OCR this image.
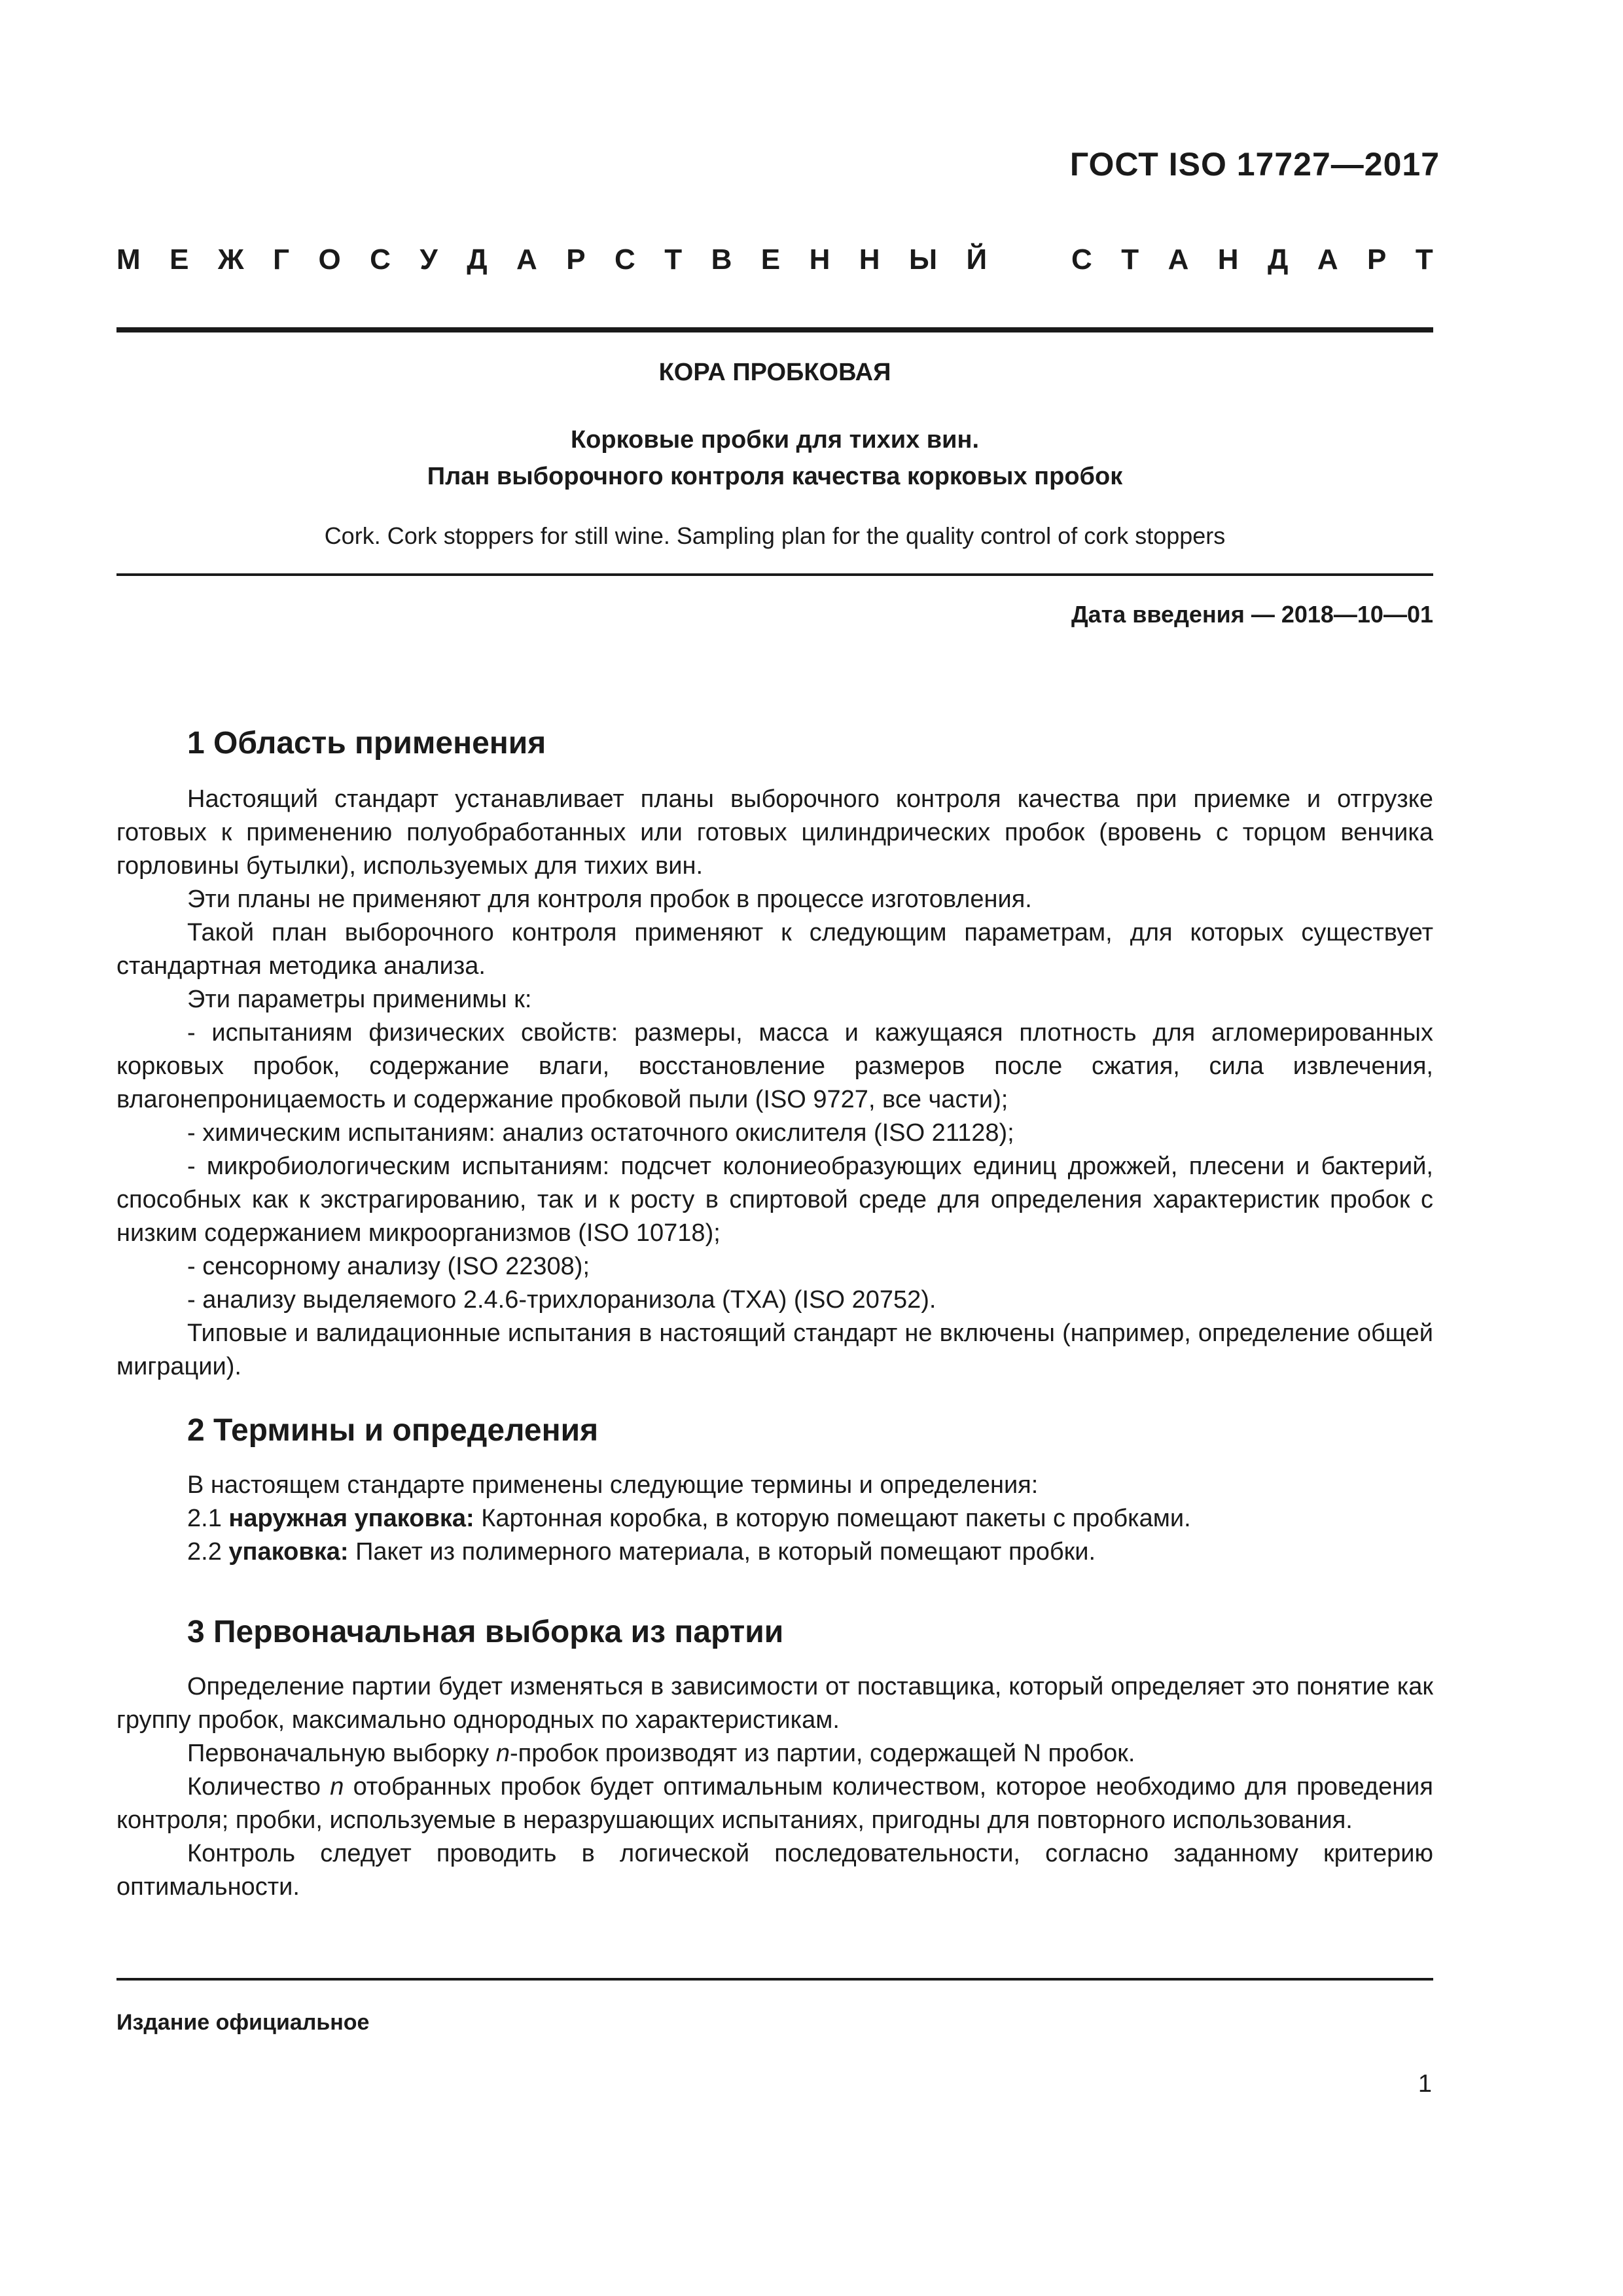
ГОСТ ISO 17727—2017
М Е Ж Г О С У Д А Р С Т В Е Н Н Ы Й	С Т А Н Д А Р Т
КОРА ПРОБКОВАЯ
Корковые пробки для тихих вин.
План выборочного контроля качества корковых пробок
Cork. Cork stoppers for still wine. Sampling plan for the quality control of cork stoppers
Дата введения — 2018—10—01
1 Область применения

Настоящий стандарт устанавливает планы выборочного контроля качества при приемке и отгрузке готовых к применению полуобработанных или готовых цилиндрических пробок (вровень с торцом венчика горловины бутылки), используемых для тихих вин.

Эти планы не применяют для контроля пробок в процессе изготовления.

Такой план выборочного контроля применяют к следующим параметрам, для которых существует стандартная методика анализа.

Эти параметры применимы к:

- испытаниям физических свойств: размеры, масса и кажущаяся плотность для агломерированных корковых пробок, содержание влаги, восстановление размеров после сжатия, сила извлечения, влагонепроницаемость и содержание пробковой пыли (ISO 9727, все части);

- химическим испытаниям: анализ остаточного окислителя (ISO 21128);

- микробиологическим испытаниям: подсчет колониеобразующих единиц дрожжей, плесени и бактерий, способных как к экстрагированию, так и к росту в спиртовой среде для определения характеристик пробок с низким содержанием микроорганизмов (ISO 10718);

- сенсорному анализу (ISO 22308);

- анализу выделяемого 2.4.6-трихлоранизола (ТХА) (ISO 20752).

Типовые и валидационные испытания в настоящий стандарт не включены (например, определение общей миграции).

2 Термины и определения

В настоящем стандарте применены следующие термины и определения:

2.1 наружная упаковка: Картонная коробка, в которую помещают пакеты с пробками.

2.2 упаковка: Пакет из полимерного материала, в который помещают пробки.

3 Первоначальная выборка из партии

Определение партии будет изменяться в зависимости от поставщика, который определяет это понятие как группу пробок, максимально однородных по характеристикам.

Первоначальную выборку n-пробок производят из партии, содержащей N пробок.

Количество n отобранных пробок будет оптимальным количеством, которое необходимо для проведения контроля; пробки, используемые в неразрушающих испытаниях, пригодны для повторного использования.

Контроль следует проводить в логической последовательности, согласно заданному критерию оптимальности.

Издание официальное
1
